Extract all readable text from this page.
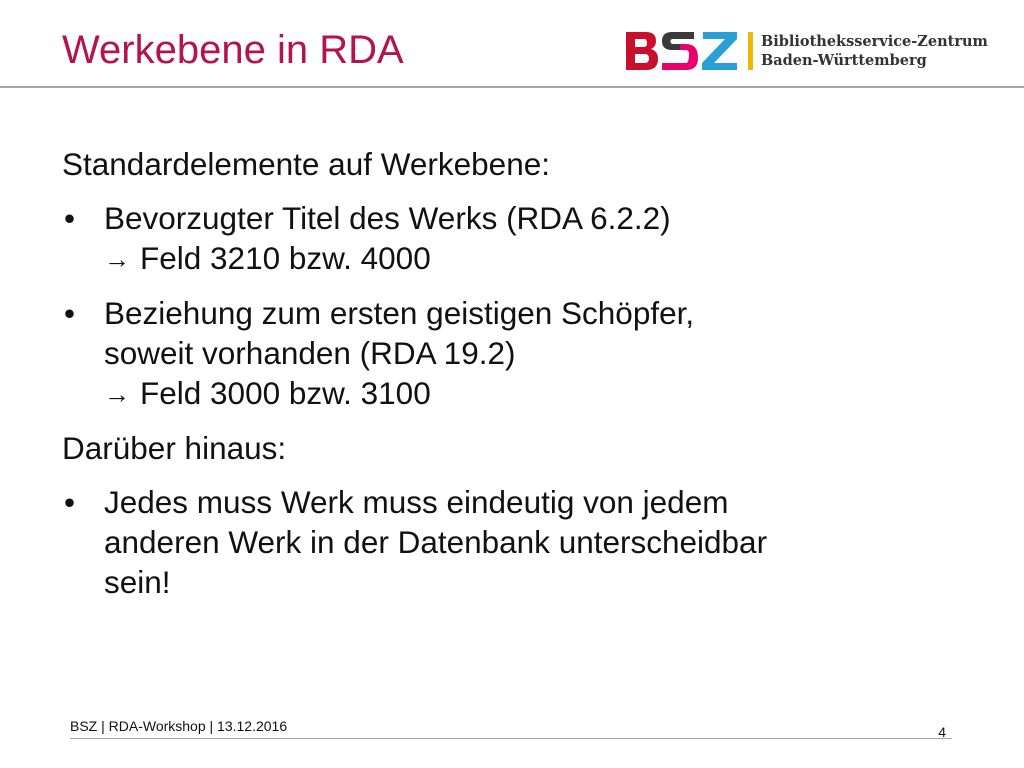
Werkebene in RDA	Bibliotheksservice-Zentrum
Baden-Württemberg

Standardelemente auf Werkebene:

• Bevorzugter Titel des Werks (RDA 6.2.2)
→ Feld 3210 bzw. 4000
• Beziehung zum ersten geistigen Schöpfer,
soweit vorhanden (RDA 19.2)
→ Feld 3000 bzw. 3100

Darüber hinaus:

• Jedes muss Werk muss eindeutig von jedem
anderen Werk in der Datenbank unterscheidbar
sein!
BSZ | RDA-Workshop | 13.12.2016	4
